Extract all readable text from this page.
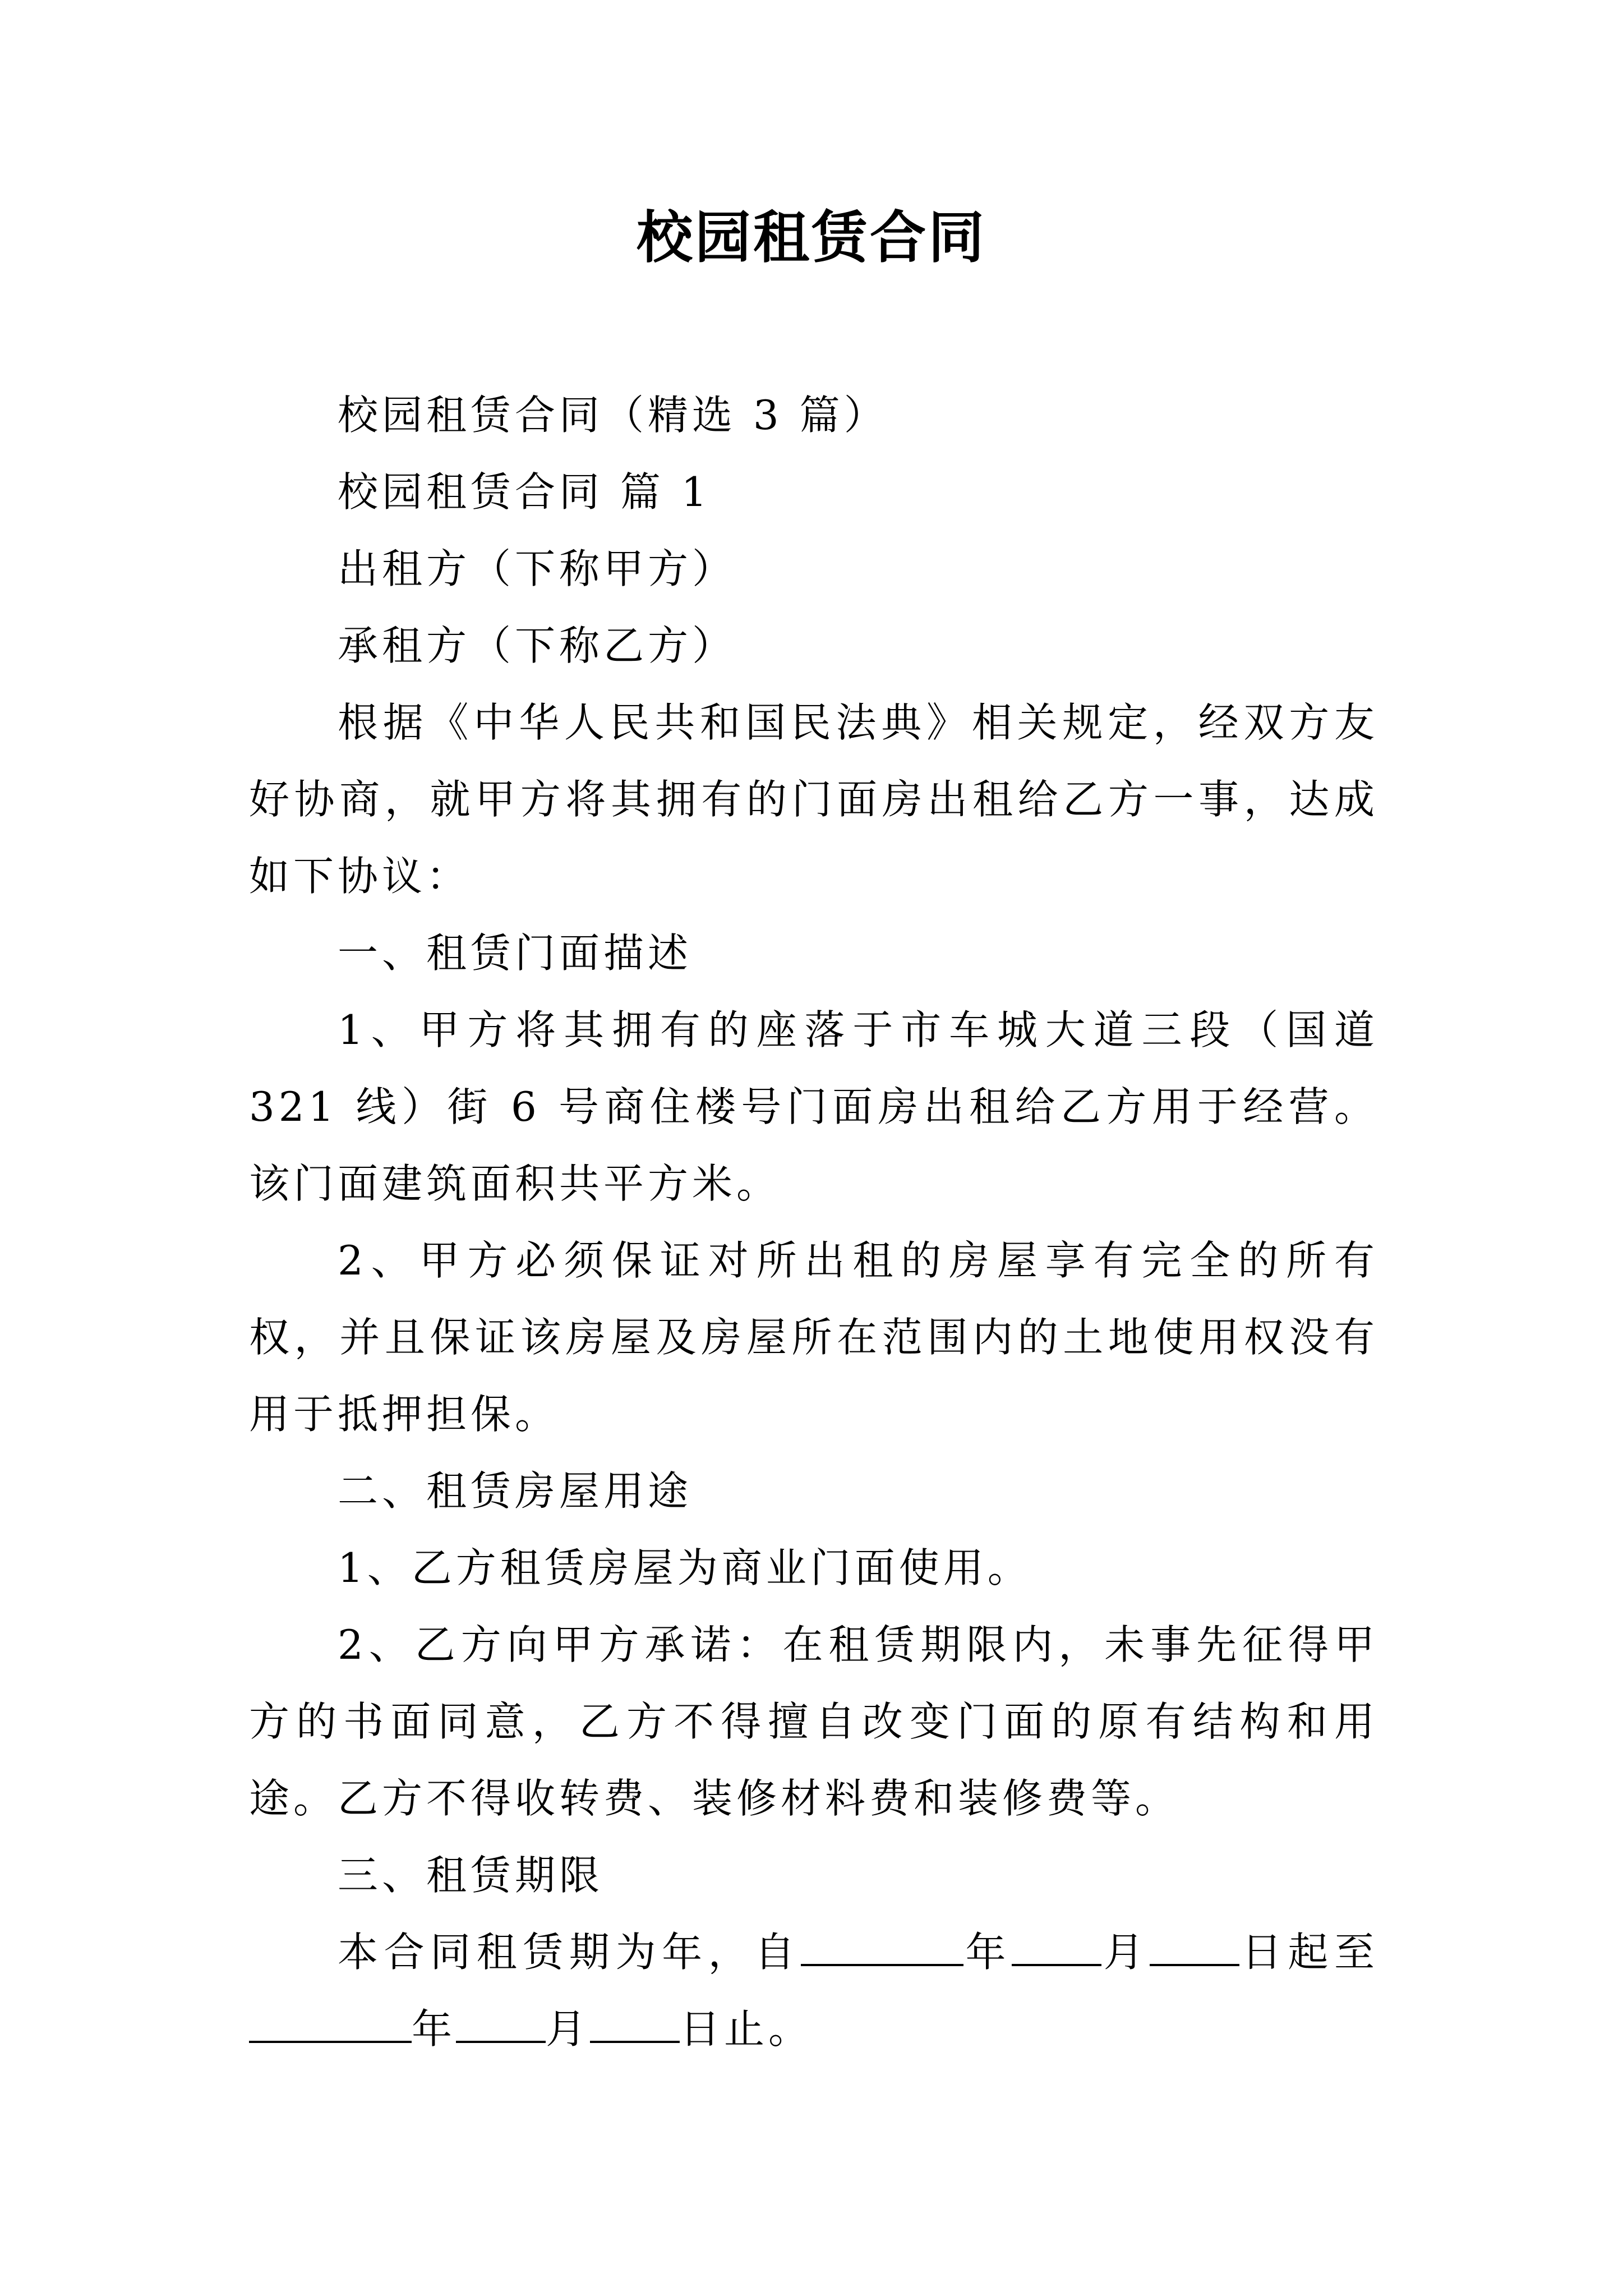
校园租赁合同

校园租赁合同（精选 3 篇）

校园租赁合同 篇 1

出租方（下称甲方）

承租方（下称乙方）

根据《中华人民共和国民法典》相关规定，经双方友好协商，就甲方将其拥有的门面房出租给乙方一事，达成如下协议：

一、租赁门面描述

1、甲方将其拥有的座落于市车城大道三段（国道 321 线）街 6 号商住楼号门面房出租给乙方用于经营。该门面建筑面积共平方米。

2、甲方必须保证对所出租的房屋享有完全的所有权，并且保证该房屋及房屋所在范围内的土地使用权没有用于抵押担保。

二、租赁房屋用途

1、乙方租赁房屋为商业门面使用。

2、乙方向甲方承诺：在租赁期限内，未事先征得甲方的书面同意，乙方不得擅自改变门面的原有结构和用途。乙方不得收转费、装修材料费和装修费等。

三、租赁期限

本合同租赁期为年，自	年 月 日起至年 月 日止。
